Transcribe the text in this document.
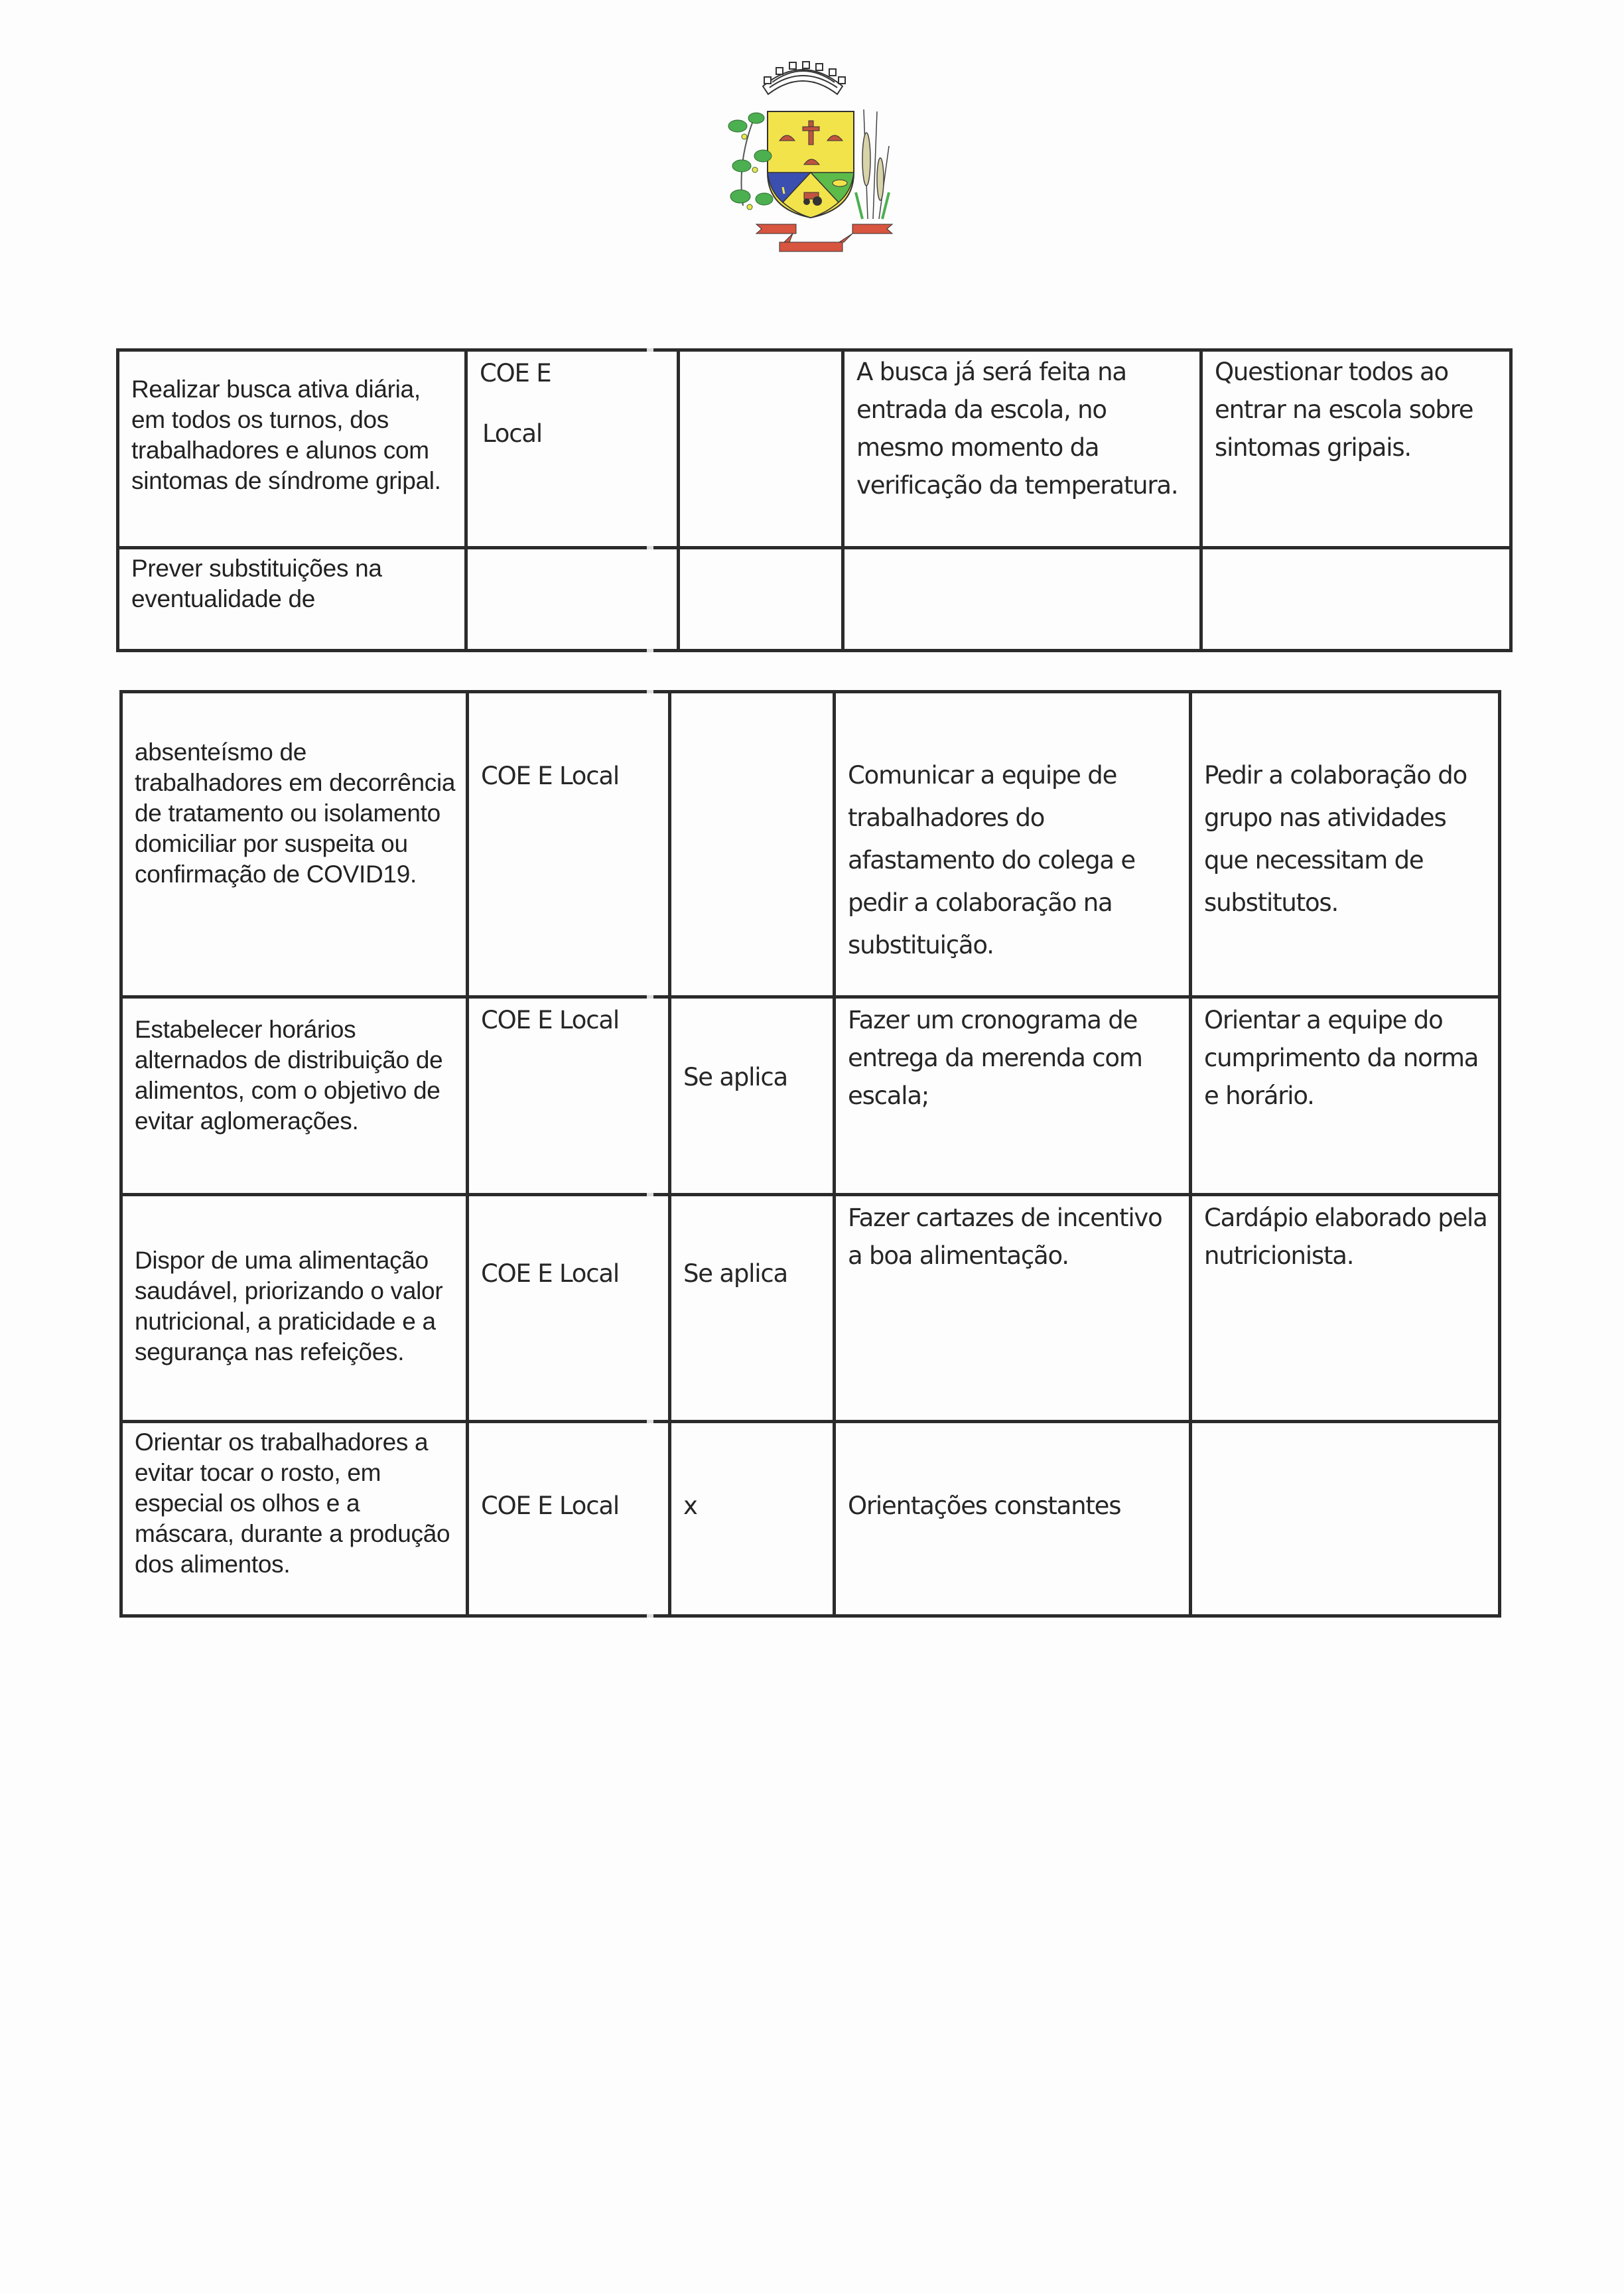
Realizar busca ativa diária, em todos os turnos, dos trabalhadores e alunos com sintomas de síndrome gripal.	COE E
Local		A busca já será feita na entrada da escola, no mesmo momento da verificação da temperatura.	Questionar todos ao entrar na escola sobre sintomas gripais.

Prever substituições na eventualidade de				

absenteísmo de trabalhadores em decorrência de tratamento ou isolamento domiciliar por suspeita ou confirmação de COVID19.	COE E Local		Comunicar a equipe de trabalhadores do afastamento do colega e pedir a colaboração na substituição.	Pedir a colaboração do grupo nas atividades que necessitam de substitutos.

Estabelecer horários alternados de distribuição de alimentos, com o objetivo de evitar aglomerações.	COE E Local	Se aplica	Fazer um cronograma de entrega da merenda com escala;	Orientar a equipe do cumprimento da norma e horário.

Dispor de uma alimentação saudável, priorizando o valor nutricional, a praticidade e a segurança nas refeições.	COE E Local	Se aplica	Fazer cartazes de incentivo a boa alimentação.	Cardápio elaborado pela nutricionista.

Orientar os trabalhadores a evitar tocar o rosto, em especial os olhos e a máscara, durante a produção dos alimentos.	COE E Local	x	Orientações constantes	
